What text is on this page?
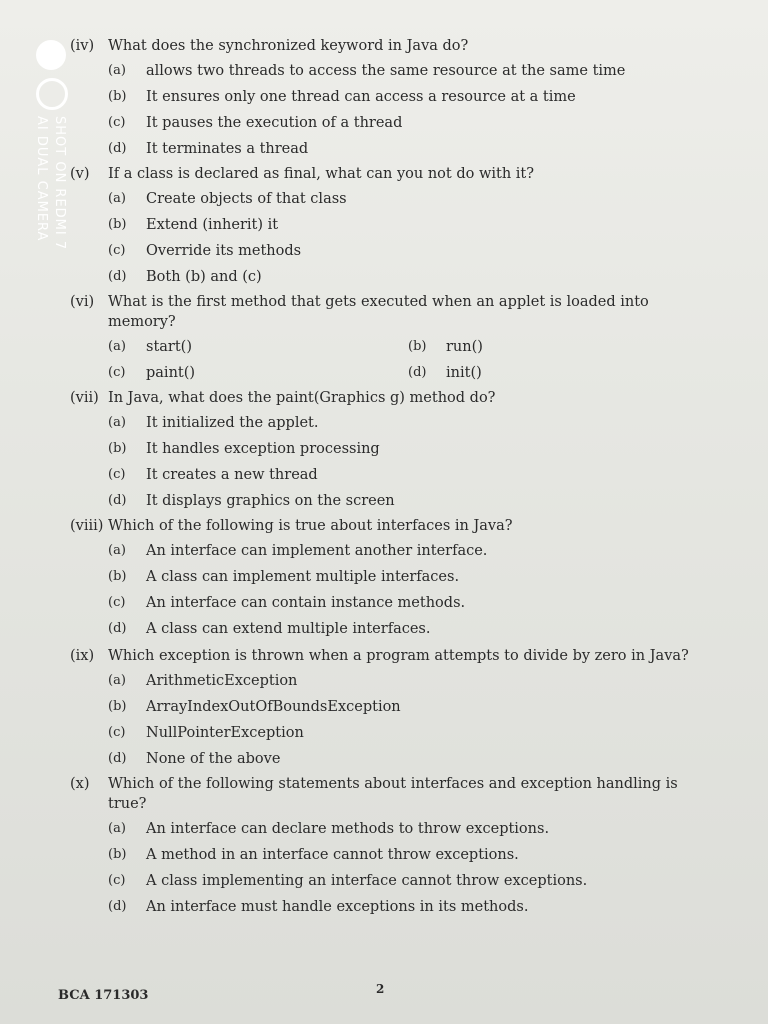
SHOT ON REDMI 7
AI DUAL CAMERA
(iv) What does the synchronized keyword in Java do?
(a)	allows two threads to access the same resource at the same time
(b)	It ensures only one thread can access a resource at a time
(c)	It pauses the execution of a thread
(d)	It terminates a thread
(v)	If a class is declared as final, what can you not do with it?
(a)	Create objects of that class
(b)	Extend (inherit) it
(c)	Override its methods
(d)	Both (b) and (c)
(vi) What is the first method that gets executed when an applet is loaded into memory?
(a)	start()	(b)	run()
(c)	paint()	(d)	init()
(vii) In Java, what does the paint(Graphics g) method do?
(a)	It initialized the applet.
(b)	It handles exception processing
(c)	It creates a new thread
(d)	It displays graphics on the screen
(viii) Which of the following is true about interfaces in Java?
(a)	An interface can implement another interface.
(b)	A class can implement multiple interfaces.
(c)	An interface can contain instance methods.
(d)	A class can extend multiple interfaces.
(ix) Which exception is thrown when a program attempts to divide by zero in Java?
(a)	ArithmeticException
(b)	ArrayIndexOutOfBoundsException
(c)	NullPointerException
(d)	None of the above
(x)	Which of the following statements about interfaces and exception handling is true?
(a)	An interface can declare methods to throw exceptions.
(b)	A method in an interface cannot throw exceptions.
(c)	A class implementing an interface cannot throw exceptions.
(d)	An interface must handle exceptions in its methods.
2
BCA 171303
